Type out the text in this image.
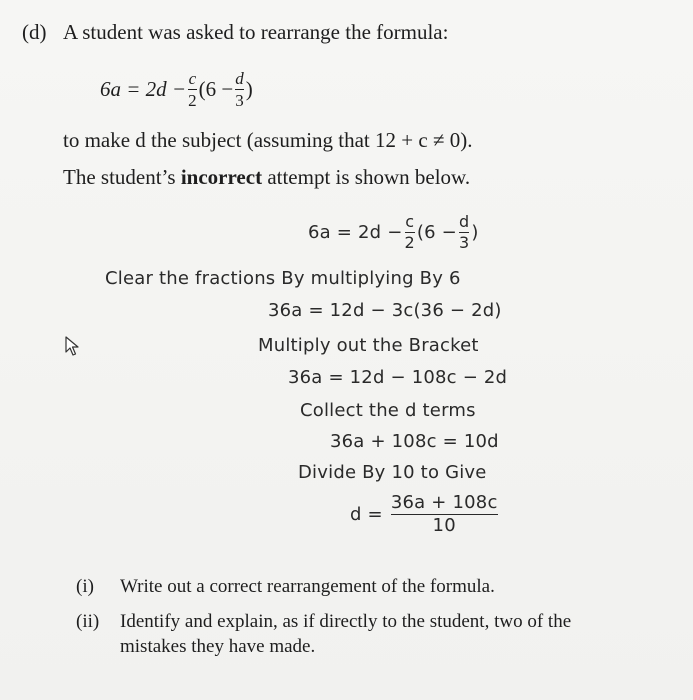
(d) A student was asked to rearrange the formula:
$6a = 2d - \frac{c}{2} (6 - \frac{d}{3}$ )
to make d the subject (assuming that 12 + c ≠ 0).
The student’s incorrect attempt is shown below.
6a = 2d −
c
2 (6 −
d
3 )
Clear the fractions By multiplying By 6
36a = 12d − 3c(36 − 2d)
Multiply out the Bracket
36a = 12d − 108c − 2d
Collect the d terms
36a + 108c = 10d
Divide By 10 to Give
d =
36a + 108c
10
(i) Write out a correct rearrangement of the formula.
(ii) Identify and explain, as if directly to the student, two of the
mistakes they have made.
